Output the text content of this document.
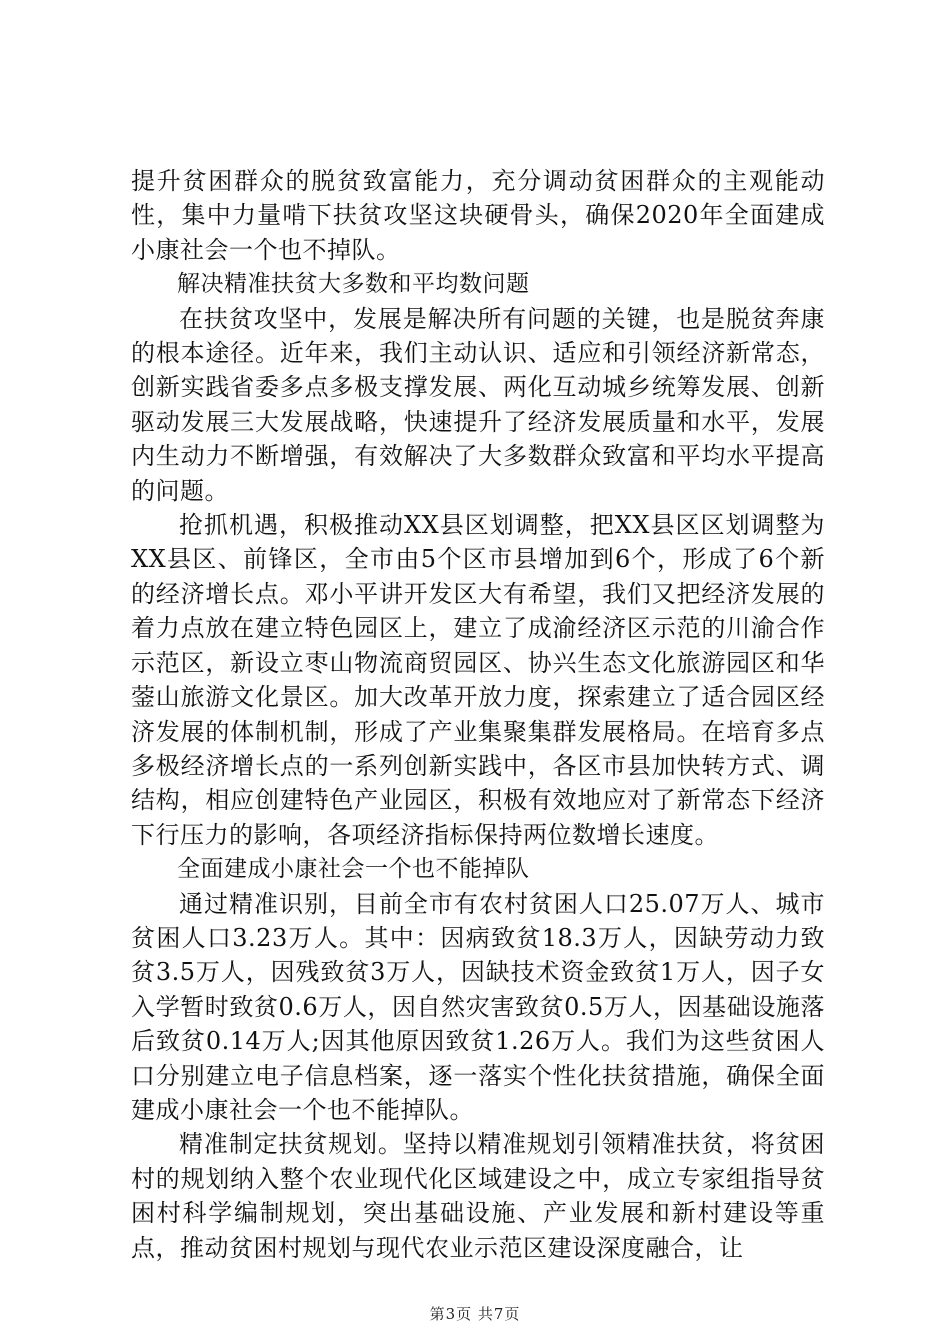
提升贫困群众的脱贫致富能力，充分调动贫困群众的主观能动性，集中力量啃下扶贫攻坚这块硬骨头，确保2020年全面建成小康社会一个也不掉队。

解决精准扶贫大多数和平均数问题

在扶贫攻坚中，发展是解决所有问题的关键，也是脱贫奔康的根本途径。近年来，我们主动认识、适应和引领经济新常态，创新实践省委多点多极支撑发展、两化互动城乡统筹发展、创新驱动发展三大发展战略，快速提升了经济发展质量和水平，发展内生动力不断增强，有效解决了大多数群众致富和平均水平提高的问题。

抢抓机遇，积极推动XX县区划调整，把XX县区区划调整为XX县区、前锋区，全市由5个区市县增加到6个，形成了6个新的经济增长点。邓小平讲开发区大有希望，我们又把经济发展的着力点放在建立特色园区上，建立了成渝经济区示范的川渝合作示范区，新设立枣山物流商贸园区、协兴生态文化旅游园区和华蓥山旅游文化景区。加大改革开放力度，探索建立了适合园区经济发展的体制机制，形成了产业集聚集群发展格局。在培育多点多极经济增长点的一系列创新实践中，各区市县加快转方式、调结构，相应创建特色产业园区，积极有效地应对了新常态下经济下行压力的影响，各项经济指标保持两位数增长速度。

全面建成小康社会一个也不能掉队

通过精准识别，目前全市有农村贫困人口25.07万人、城市贫困人口3.23万人。其中：因病致贫18.3万人，因缺劳动力致贫3.5万人，因残致贫3万人，因缺技术资金致贫1万人，因子女入学暂时致贫0.6万人，因自然灾害致贫0.5万人，因基础设施落后致贫0.14万人;因其他原因致贫1.26万人。我们为这些贫困人口分别建立电子信息档案，逐一落实个性化扶贫措施，确保全面建成小康社会一个也不能掉队。

精准制定扶贫规划。坚持以精准规划引领精准扶贫，将贫困村的规划纳入整个农业现代化区域建设之中，成立专家组指导贫困村科学编制规划，突出基础设施、产业发展和新村建设等重点，推动贫困村规划与现代农业示范区建设深度融合，让

第3页 共7页
